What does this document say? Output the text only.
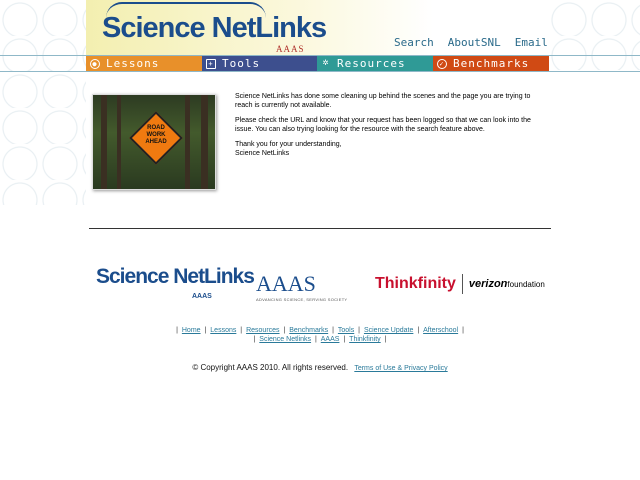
Science NetLinks
AAAS	Search AboutSNL Email
● Lessons	+ Tools	✲ Resources	✓ Benchmarks
ROAD
WORK
AHEAD

Science NetLinks has done some cleaning up behind the scenes and the page you are trying to reach is currently not available.

Please check the URL and know that your request has been logged so that we can look into the issue. You can also trying looking for the resource with the search feature above.

Thank you for your understanding,
Science NetLinks

Science NetLinks
AAAS
AAAS
ADVANCING SCIENCE, SERVING SOCIETY
Thinkfinity verizon foundation
| Home | Lessons | Resources | Benchmarks | Tools | Science Update | Afterschool |
| Science Netlinks | AAAS | Thinkfinity |
© Copyright AAAS 2010. All rights reserved. Terms of Use & Privacy Policy
